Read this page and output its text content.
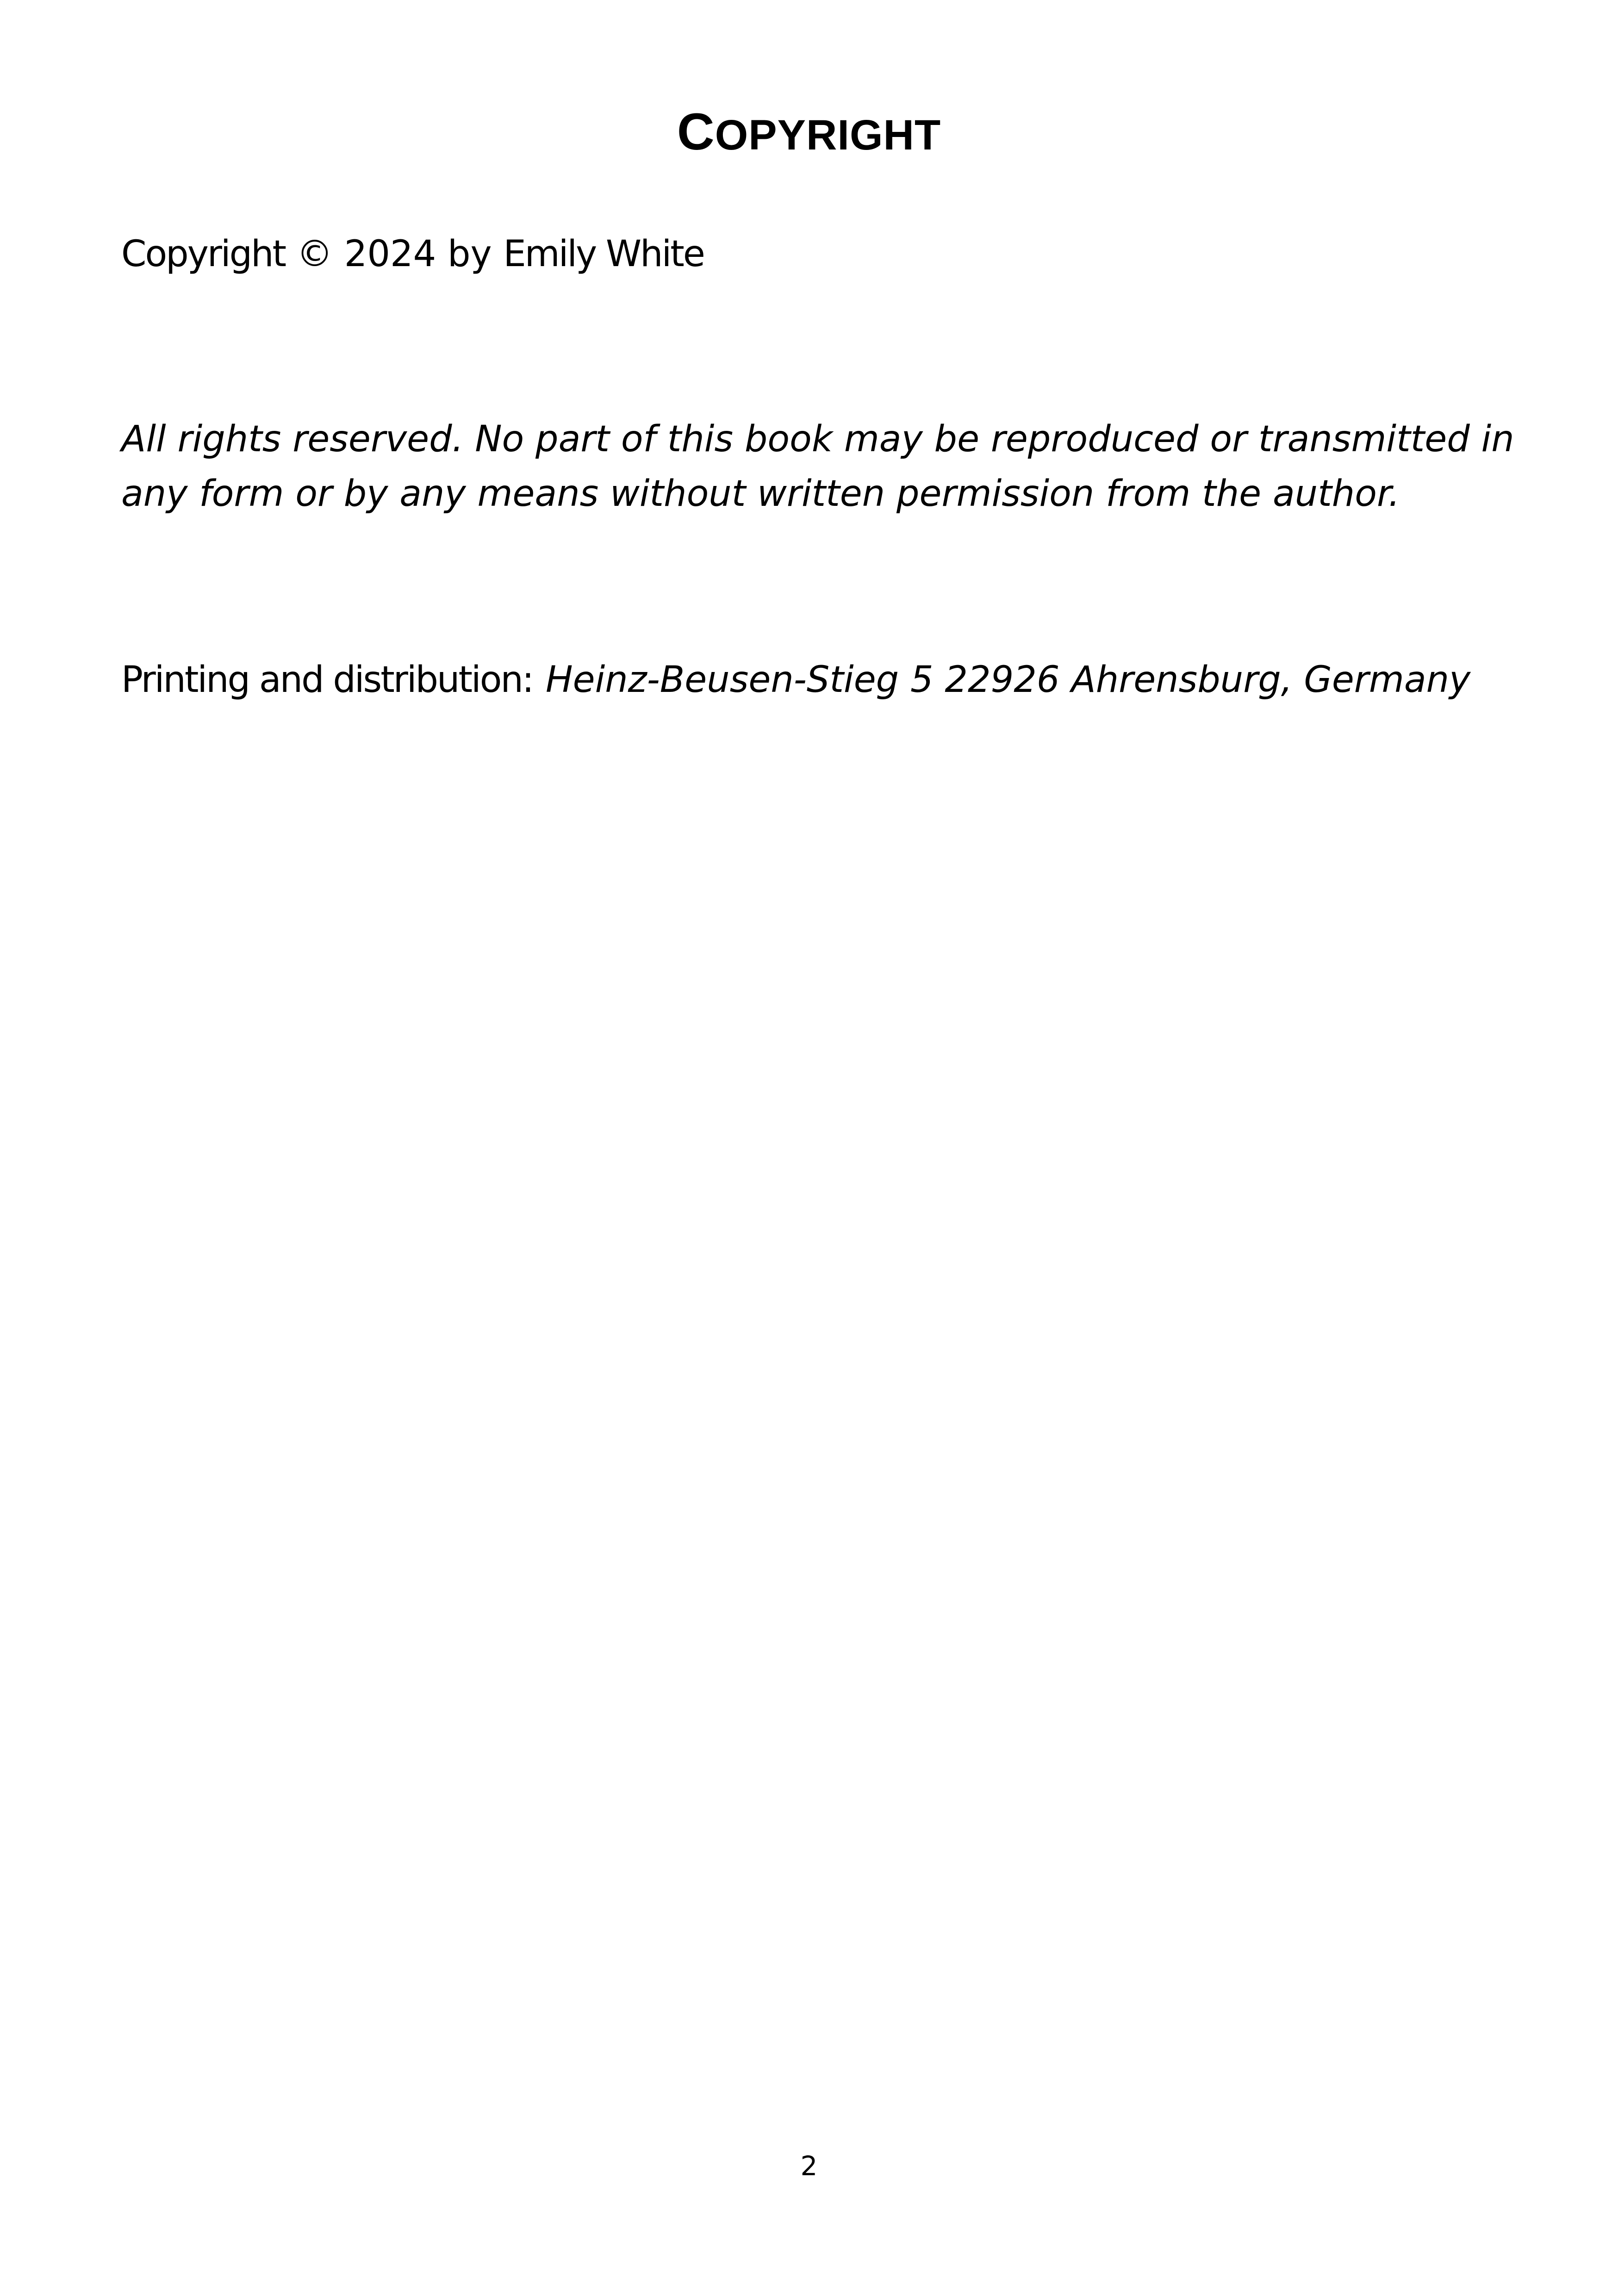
COPYRIGHT
Copyright © 2024 by Emily White
All rights reserved. No part of this book may be reproduced or transmitted in any form or by any means without written permission from the author.
Printing and distribution: Heinz-Beusen-Stieg 5 22926 Ahrensburg, Germany
2
